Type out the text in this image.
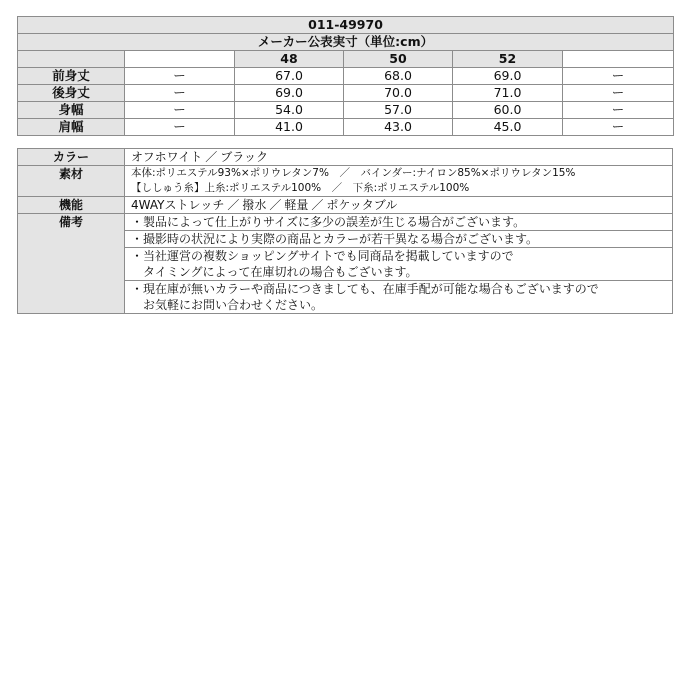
011-49970					
メーカー公表実寸（単位:cm）					
		48	50	52	
前身丈	ー	67.0	68.0	69.0	ー
後身丈	ー	69.0	70.0	71.0	ー
身幅	ー	54.0	57.0	60.0	ー
肩幅	ー	41.0	43.0	45.0	ー
カラー	オフホワイト ／ ブラック
素材	本体:ポリエステル93%×ポリウレタン7%　／　バインダー:ナイロン85%×ポリウレタン15%
【ししゅう糸】上糸:ポリエステル100%　／　下糸:ポリエステル100%

機能	4WAYストレッチ ／ 撥水 ／ 軽量 ／ ポケッタブル
備考	・製品によって仕上がりサイズに多少の誤差が生じる場合がございます。

	・撮影時の状況により実際の商品とカラーが若干異なる場合がございます。

	・当社運営の複数ショッピングサイトでも同商品を掲載していますので
タイミングによって在庫切れの場合もございます。

	・現在庫が無いカラーや商品につきましても、在庫手配が可能な場合もございますので
お気軽にお問い合わせください。
